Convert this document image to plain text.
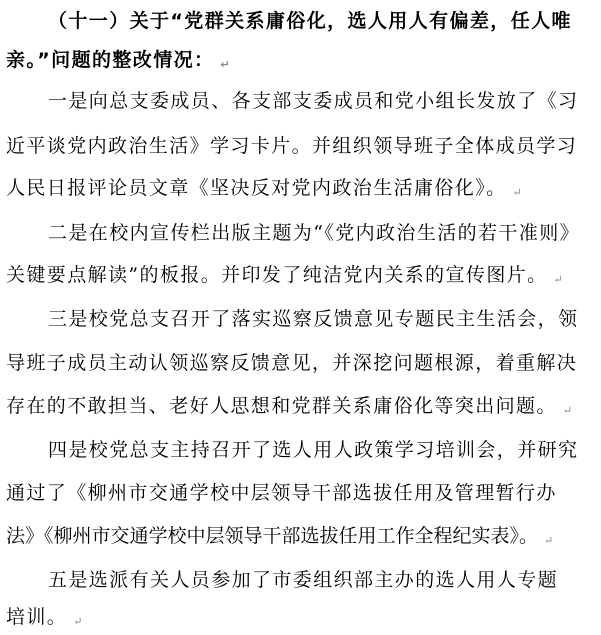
（十一）关于“党群关系庸俗化，选人用人有偏差，任人唯
亲。”问题的整改情况： ↵
一是向总支委成员、各支部支委成员和党小组长发放了《习
近平谈党内政治生活》学习卡片。并组织领导班子全体成员学习
人民日报评论员文章《坚决反对党内政治生活庸俗化》。 ↵
二是在校内宣传栏出版主题为“《党内政治生活的若干准则》
关键要点解读”的板报。并印发了纯洁党内关系的宣传图片。 ↵
三是校党总支召开了落实巡察反馈意见专题民主生活会，领
导班子成员主动认领巡察反馈意见，并深挖问题根源，着重解决
存在的不敢担当、老好人思想和党群关系庸俗化等突出问题。 ↵
四是校党总支主持召开了选人用人政策学习培训会，并研究
通过了《柳州市交通学校中层领导干部选拔任用及管理暂行办
法》《柳州市交通学校中层领导干部选拔任用工作全程纪实表》。 ↵
五是选派有关人员参加了市委组织部主办的选人用人专题
培训。 ↵
